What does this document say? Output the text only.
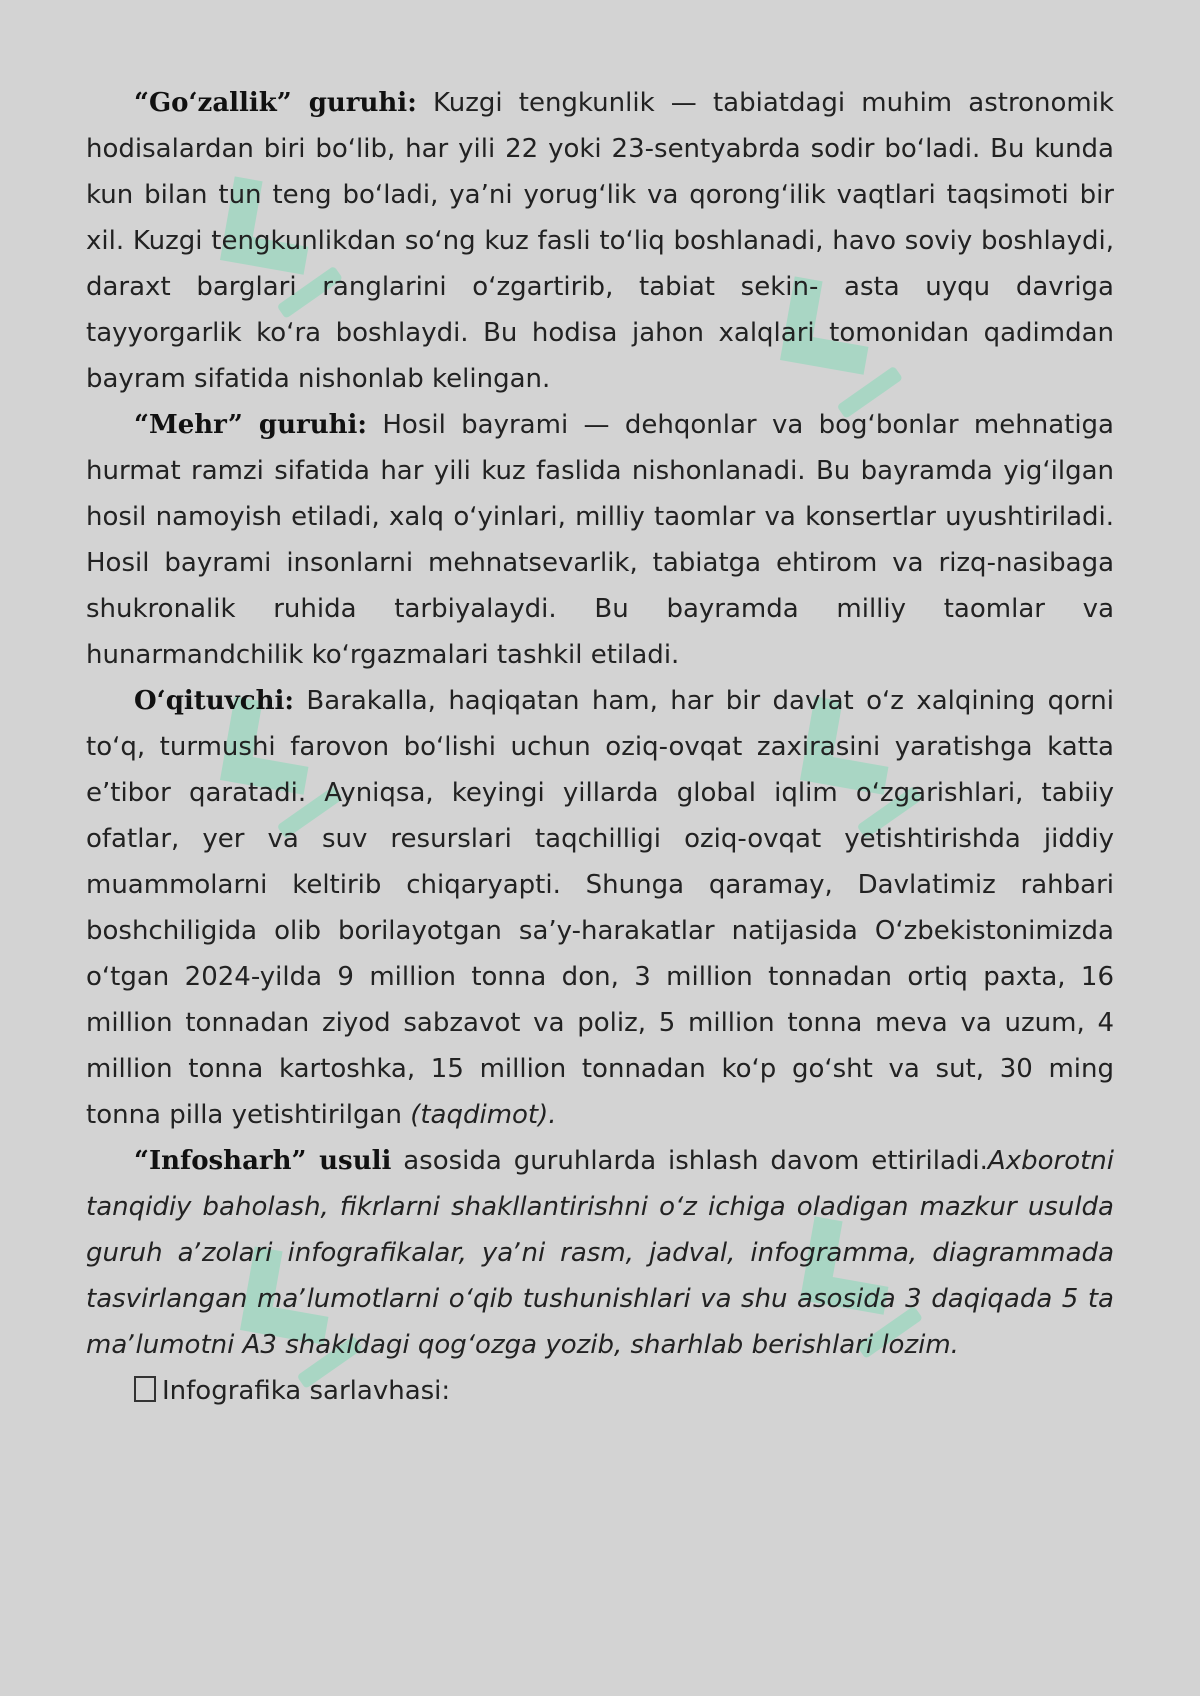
“Goʻzallik” guruhi: Kuzgi tengkunlik — tabiatdagi muhim astronomik hodisalardan biri boʻlib, har yili 22 yoki 23-sentyabrda sodir boʻladi. Bu kunda kun bilan tun teng boʻladi, yaʼni yorugʻlik va qorongʻilik vaqtlari taqsimoti bir xil. Kuzgi tengkunlikdan soʻng kuz fasli toʻliq boshlanadi, havo soviy boshlaydi, daraxt barglari ranglarini oʻzgartirib, tabiat sekin- asta uyqu davriga tayyorgarlik koʻra boshlaydi. Bu hodisa jahon xalqlari tomonidan qadimdan bayram sifatida nishonlab kelingan.

“Mehr” guruhi: Hosil bayrami — dehqonlar va bogʻbonlar mehnatiga hurmat ramzi sifatida har yili kuz faslida nishonlanadi. Bu bayramda yigʻilgan hosil namoyish etiladi, xalq oʻyinlari, milliy taomlar va konsertlar uyushtiriladi. Hosil bayrami insonlarni mehnatsevarlik, tabiatga ehtirom va rizq-nasibaga shukronalik ruhida tarbiyalaydi. Bu bayramda milliy taomlar va hunarmandchilik koʻrgazmalari tashkil etiladi.

Oʻqituvchi: Barakalla, haqiqatan ham, har bir davlat oʻz xalqining qorni toʻq, turmushi farovon boʻlishi uchun oziq-ovqat zaxirasini yaratishga katta eʼtibor qaratadi. Ayniqsa, keyingi yillarda global iqlim oʻzgarishlari, tabiiy ofatlar, yer va suv resurslari taqchilligi oziq-ovqat yetishtirishda jiddiy muammolarni keltirib chiqaryapti. Shunga qaramay, Davlatimiz rahbari boshchiligida olib borilayotgan saʼy-harakatlar natijasida Oʻzbekistonimizda oʻtgan 2024-yilda 9 million tonna don, 3 million tonnadan ortiq paxta, 16 million tonnadan ziyod sabzavot va poliz, 5 million tonna meva va uzum, 4 million tonna kartoshka, 15 million tonnadan koʻp goʻsht va sut, 30 ming tonna pilla yetishtirilgan (taqdimot).

“Infosharh” usuli asosida guruhlarda ishlash davom ettiriladi.Axborotni tanqidiy baholash, fikrlarni shakllantirishni oʻz ichiga oladigan mazkur usulda guruh aʼzolari infografikalar, yaʼni rasm, jadval, infogramma, diagrammada tasvirlangan maʼlumotlarni oʻqib tushunishlari va shu asosida 3 daqiqada 5 ta maʼlumotni A3 shakldagi qogʻozga yozib, sharhlab berishlari lozim.

Infografika sarlavhasi:
